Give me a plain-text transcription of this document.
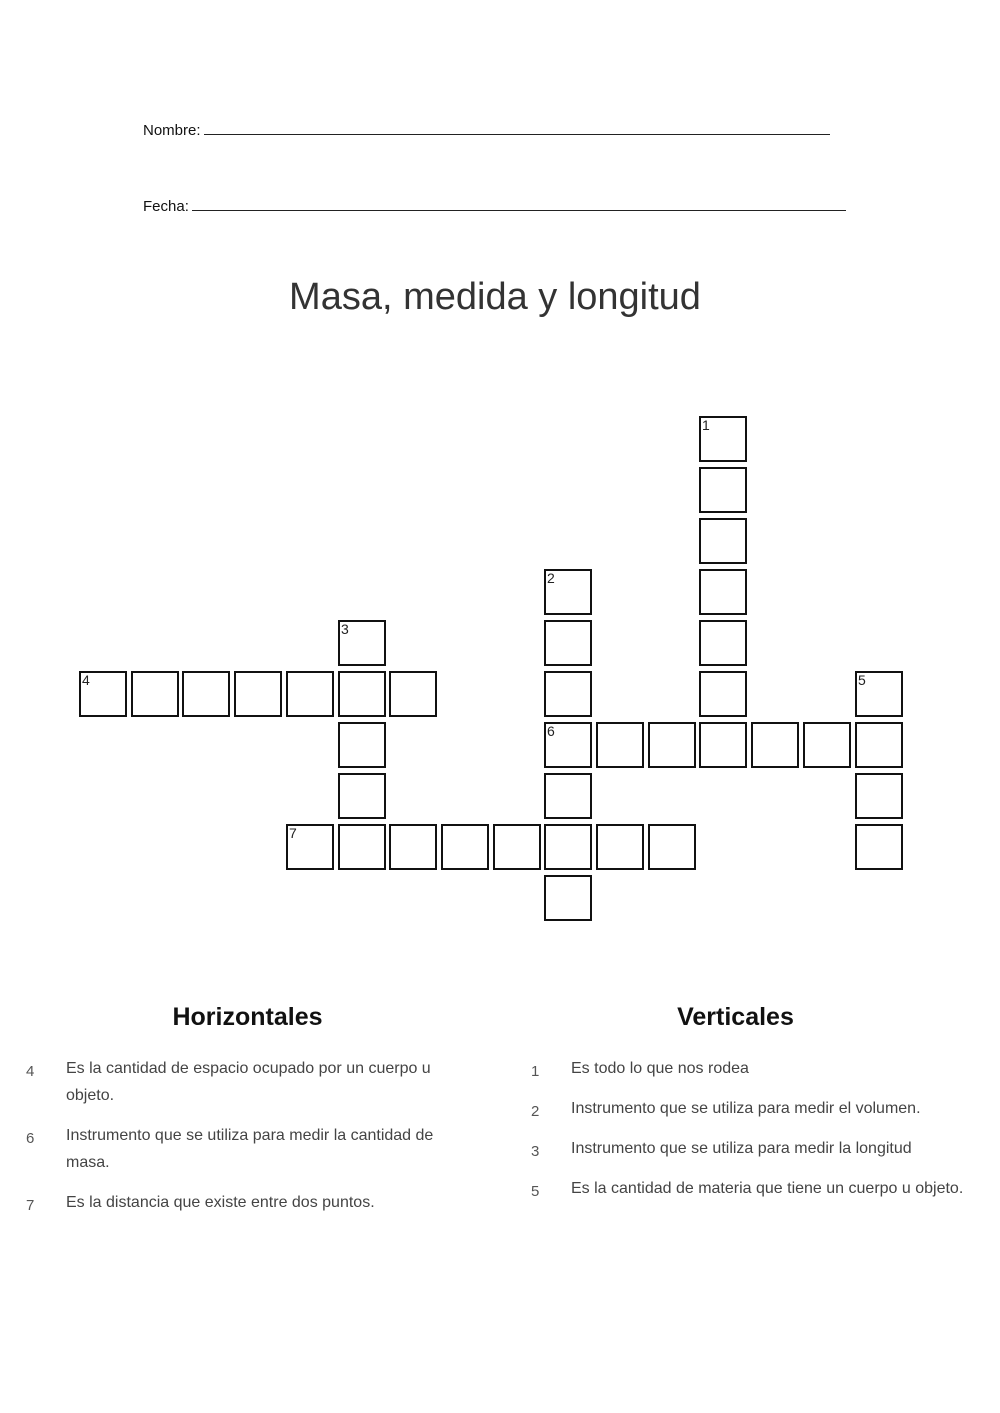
Nombre:
Fecha:
Masa, medida y longitud
1
2
6
3
4	5
7
Horizontales	Verticales
4 Es la cantidad de espacio ocupado por un cuerpo u objeto.
6 Instrumento que se utiliza para medir la cantidad de masa.
7 Es la distancia que existe entre dos puntos.
1 Es todo lo que nos rodea
2 Instrumento que se utiliza para medir el volumen.
3 Instrumento que se utiliza para medir la longitud
5 Es la cantidad de materia que tiene un cuerpo u objeto.
